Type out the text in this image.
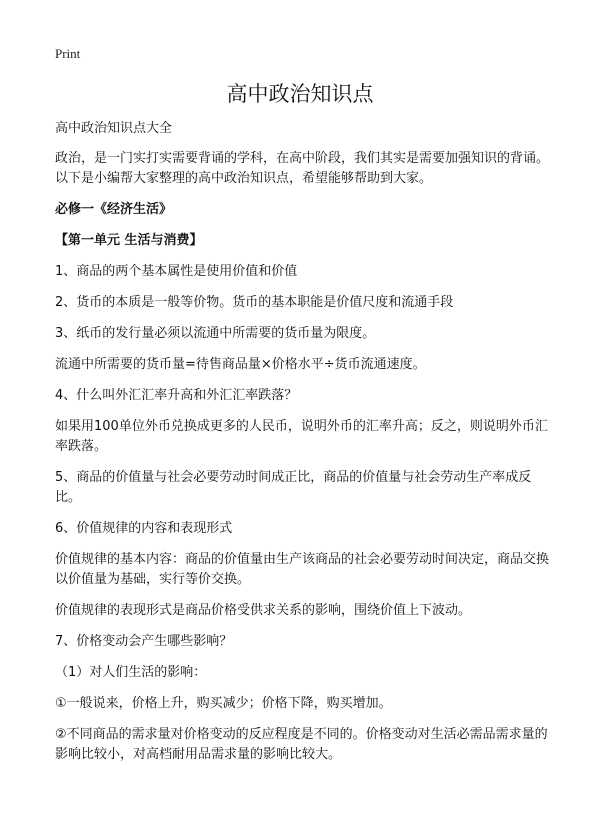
Print
高中政治知识点
高中政治知识点大全

政治，是一门实打实需要背诵的学科，在高中阶段，我们其实是需要加强知识的背诵。以下是小编帮大家整理的高中政治知识点，希望能够帮助到大家。

必修一《经济生活》

【第一单元 生活与消费】

1、商品的两个基本属性是使用价值和价值

2、货币的本质是一般等价物。货币的基本职能是价值尺度和流通手段

3、纸币的发行量必须以流通中所需要的货币量为限度。

流通中所需要的货币量=待售商品量×价格水平÷货币流通速度。

4、什么叫外汇汇率升高和外汇汇率跌落？

如果用100单位外币兑换成更多的人民币，说明外币的汇率升高；反之，则说明外币汇率跌落。

5、商品的价值量与社会必要劳动时间成正比，商品的价值量与社会劳动生产率成反比。

6、价值规律的内容和表现形式

价值规律的基本内容：商品的价值量由生产该商品的社会必要劳动时间决定，商品交换以价值量为基础，实行等价交换。

价值规律的表现形式是商品价格受供求关系的影响，围绕价值上下波动。

7、价格变动会产生哪些影响？

（1）对人们生活的影响：

①一般说来，价格上升，购买减少；价格下降，购买增加。

②不同商品的需求量对价格变动的反应程度是不同的。价格变动对生活必需品需求量的影响比较小，对高档耐用品需求量的影响比较大。
